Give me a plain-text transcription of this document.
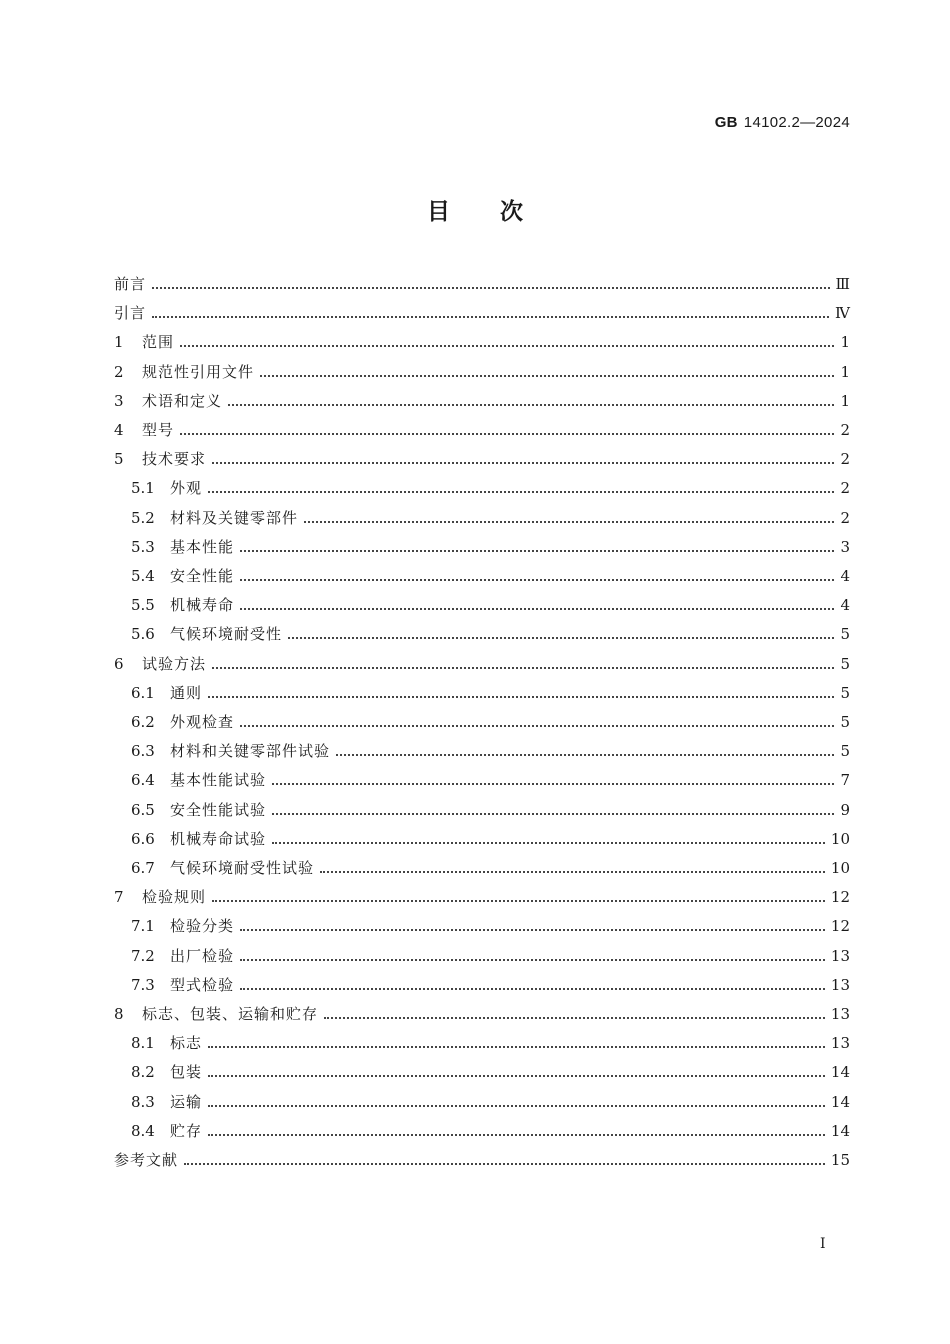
GB 14102.2—2024
目次
前言	Ⅲ
引言	Ⅳ
1	范围	1
2	规范性引用文件	1
3	术语和定义	1
4	型号	2
5	技术要求	2
5.1	外观	2
5.2	材料及关键零部件	2
5.3	基本性能	3
5.4	安全性能	4
5.5	机械寿命	4
5.6	气候环境耐受性	5
6	试验方法	5
6.1	通则	5
6.2	外观检查	5
6.3	材料和关键零部件试验	5
6.4	基本性能试验	7
6.5	安全性能试验	9
6.6	机械寿命试验	10
6.7	气候环境耐受性试验	10
7	检验规则	12
7.1	检验分类	12
7.2	出厂检验	13
7.3	型式检验	13
8	标志、包装、运输和贮存	13
8.1	标志	13
8.2	包装	14
8.3	运输	14
8.4	贮存	14
参考文献	15
Ⅰ
